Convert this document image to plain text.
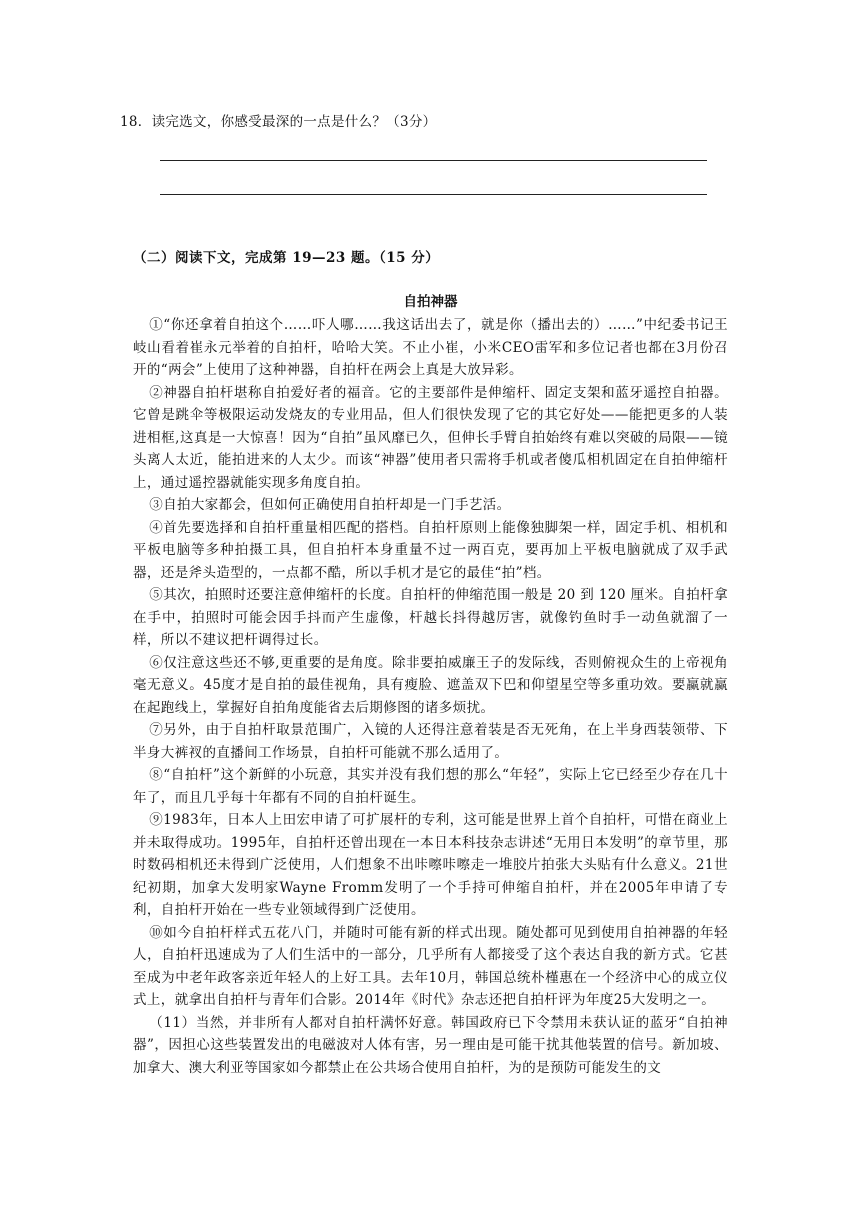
18．读完选文，你感受最深的一点是什么？（3分）
（二）阅读下文，完成第 19—23 题。（15 分）
自拍神器

①“你还拿着自拍这个……吓人哪……我这话出去了，就是你（播出去的）……”中纪委书记王岐山看着崔永元举着的自拍杆，哈哈大笑。不止小崔，小米CEO雷军和多位记者也都在3月份召开的“两会”上使用了这种神器，自拍杆在两会上真是大放异彩。

②神器自拍杆堪称自拍爱好者的福音。它的主要部件是伸缩杆、固定支架和蓝牙遥控自拍器。它曾是跳伞等极限运动发烧友的专业用品，但人们很快发现了它的其它好处——能把更多的人装进相框,这真是一大惊喜！因为“自拍”虽风靡已久，但伸长手臂自拍始终有难以突破的局限——镜头离人太近，能拍进来的人太少。而该“神器”使用者只需将手机或者傻瓜相机固定在自拍伸缩杆上，通过遥控器就能实现多角度自拍。

③自拍大家都会，但如何正确使用自拍杆却是一门手艺活。

④首先要选择和自拍杆重量相匹配的搭档。自拍杆原则上能像独脚架一样，固定手机、相机和平板电脑等多种拍摄工具，但自拍杆本身重量不过一两百克，要再加上平板电脑就成了双手武器，还是斧头造型的，一点都不酷，所以手机才是它的最佳“拍”档。

⑤其次，拍照时还要注意伸缩杆的长度。自拍杆的伸缩范围一般是 20 到 120 厘米。自拍杆拿在手中，拍照时可能会因手抖而产生虚像，杆越长抖得越厉害，就像钓鱼时手一动鱼就溜了一样，所以不建议把杆调得过长。

⑥仅注意这些还不够,更重要的是角度。除非要拍威廉王子的发际线，否则俯视众生的上帝视角毫无意义。45度才是自拍的最佳视角，具有瘦脸、遮盖双下巴和仰望星空等多重功效。要赢就赢在起跑线上，掌握好自拍角度能省去后期修图的诸多烦扰。

⑦另外，由于自拍杆取景范围广，入镜的人还得注意着装是否无死角，在上半身西装领带、下半身大裤衩的直播间工作场景，自拍杆可能就不那么适用了。

⑧“自拍杆”这个新鲜的小玩意，其实并没有我们想的那么“年轻”，实际上它已经至少存在几十年了，而且几乎每十年都有不同的自拍杆诞生。

⑨1983年，日本人上田宏申请了可扩展杆的专利，这可能是世界上首个自拍杆，可惜在商业上并未取得成功。1995年，自拍杆还曾出现在一本日本科技杂志讲述“无用日本发明”的章节里，那时数码相机还未得到广泛使用，人们想象不出咔嚓咔嚓走一堆胶片拍张大头贴有什么意义。21世纪初期，加拿大发明家Wayne Fromm发明了一个手持可伸缩自拍杆，并在2005年申请了专利，自拍杆开始在一些专业领域得到广泛使用。

⑩如今自拍杆样式五花八门，并随时可能有新的样式出现。随处都可见到使用自拍神器的年轻人，自拍杆迅速成为了人们生活中的一部分，几乎所有人都接受了这个表达自我的新方式。它甚至成为中老年政客亲近年轻人的上好工具。去年10月，韩国总统朴槿惠在一个经济中心的成立仪式上，就拿出自拍杆与青年们合影。2014年《时代》杂志还把自拍杆评为年度25大发明之一。

（11）当然，并非所有人都对自拍杆满怀好意。韩国政府已下令禁用未获认证的蓝牙“自拍神器”，因担心这些装置发出的电磁波对人体有害，另一理由是可能干扰其他装置的信号。新加坡、加拿大、澳大利亚等国家如今都禁止在公共场合使用自拍杆，为的是预防可能发生的文
